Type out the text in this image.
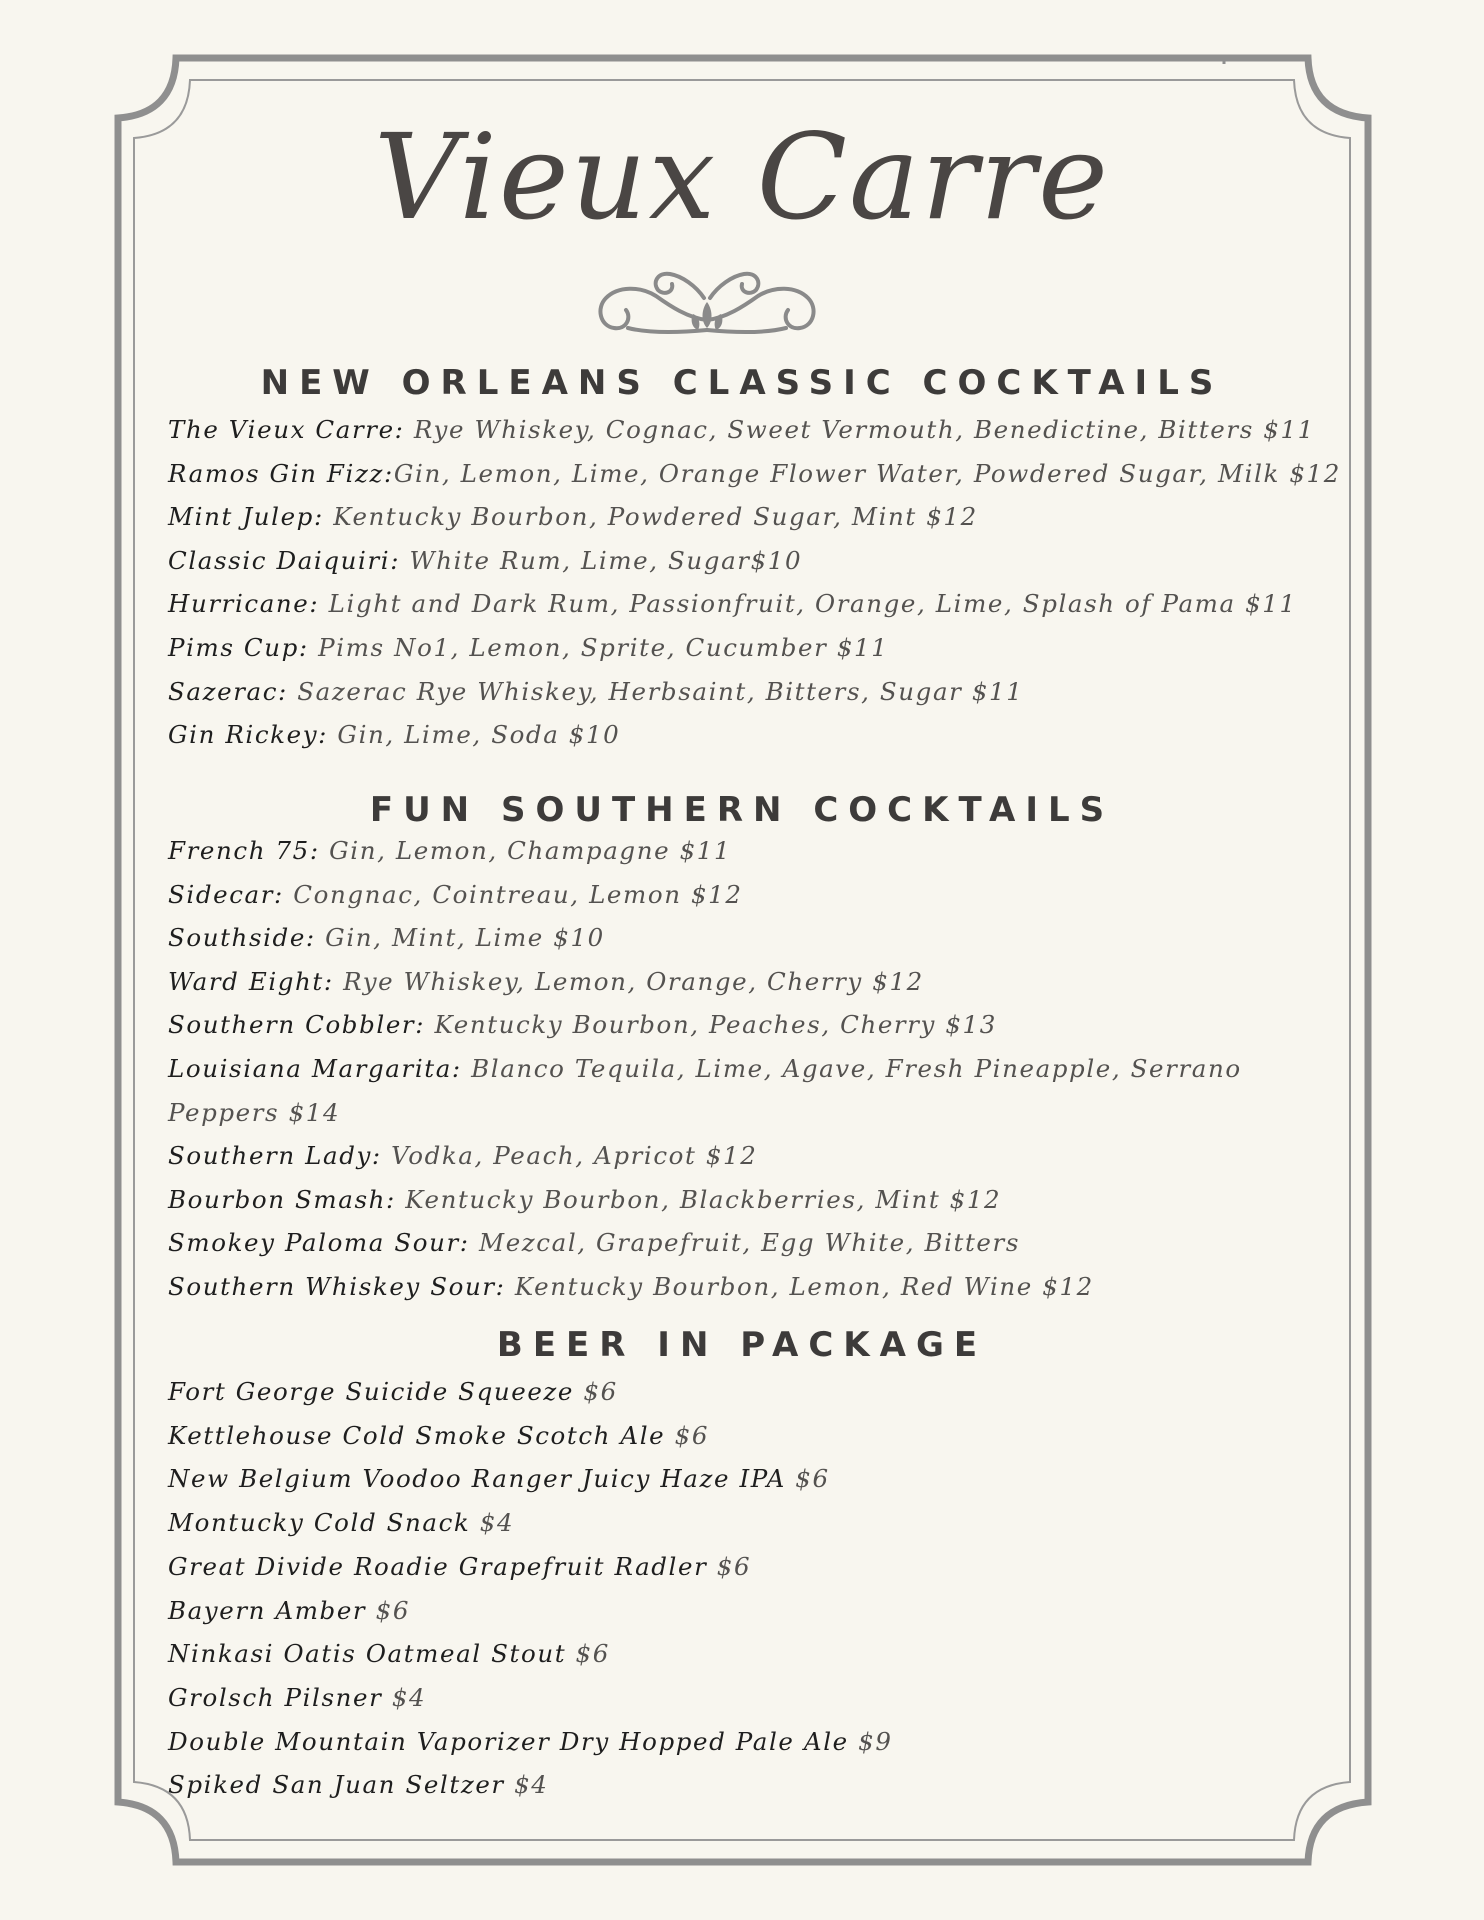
Vieux Carre
NEW ORLEANS CLASSIC COCKTAILS
The Vieux Carre: Rye Whiskey, Cognac, Sweet Vermouth, Benedictine, Bitters $11
Ramos Gin Fizz:Gin, Lemon, Lime, Orange Flower Water, Powdered Sugar, Milk $12
Mint Julep: Kentucky Bourbon, Powdered Sugar, Mint $12
Classic Daiquiri: White Rum, Lime, Sugar$10
Hurricane: Light and Dark Rum, Passionfruit, Orange, Lime, Splash of Pama $11
Pims Cup: Pims No1, Lemon, Sprite, Cucumber $11
Sazerac: Sazerac Rye Whiskey, Herbsaint, Bitters, Sugar $11
Gin Rickey: Gin, Lime, Soda $10
FUN SOUTHERN COCKTAILS
French 75: Gin, Lemon, Champagne $11
Sidecar: Congnac, Cointreau, Lemon $12
Southside: Gin, Mint, Lime $10
Ward Eight: Rye Whiskey, Lemon, Orange, Cherry $12
Southern Cobbler: Kentucky Bourbon, Peaches, Cherry $13
Louisiana Margarita: Blanco Tequila, Lime, Agave, Fresh Pineapple, Serrano Peppers $14
Southern Lady: Vodka, Peach, Apricot $12
Bourbon Smash: Kentucky Bourbon, Blackberries, Mint $12
Smokey Paloma Sour: Mezcal, Grapefruit, Egg White, Bitters
Southern Whiskey Sour: Kentucky Bourbon, Lemon, Red Wine $12
BEER IN PACKAGE
Fort George Suicide Squeeze $6
Kettlehouse Cold Smoke Scotch Ale $6
New Belgium Voodoo Ranger Juicy Haze IPA $6
Montucky Cold Snack $4
Great Divide Roadie Grapefruit Radler $6
Bayern Amber $6
Ninkasi Oatis Oatmeal Stout $6
Grolsch Pilsner $4
Double Mountain Vaporizer Dry Hopped Pale Ale $9
Spiked San Juan Seltzer $4
